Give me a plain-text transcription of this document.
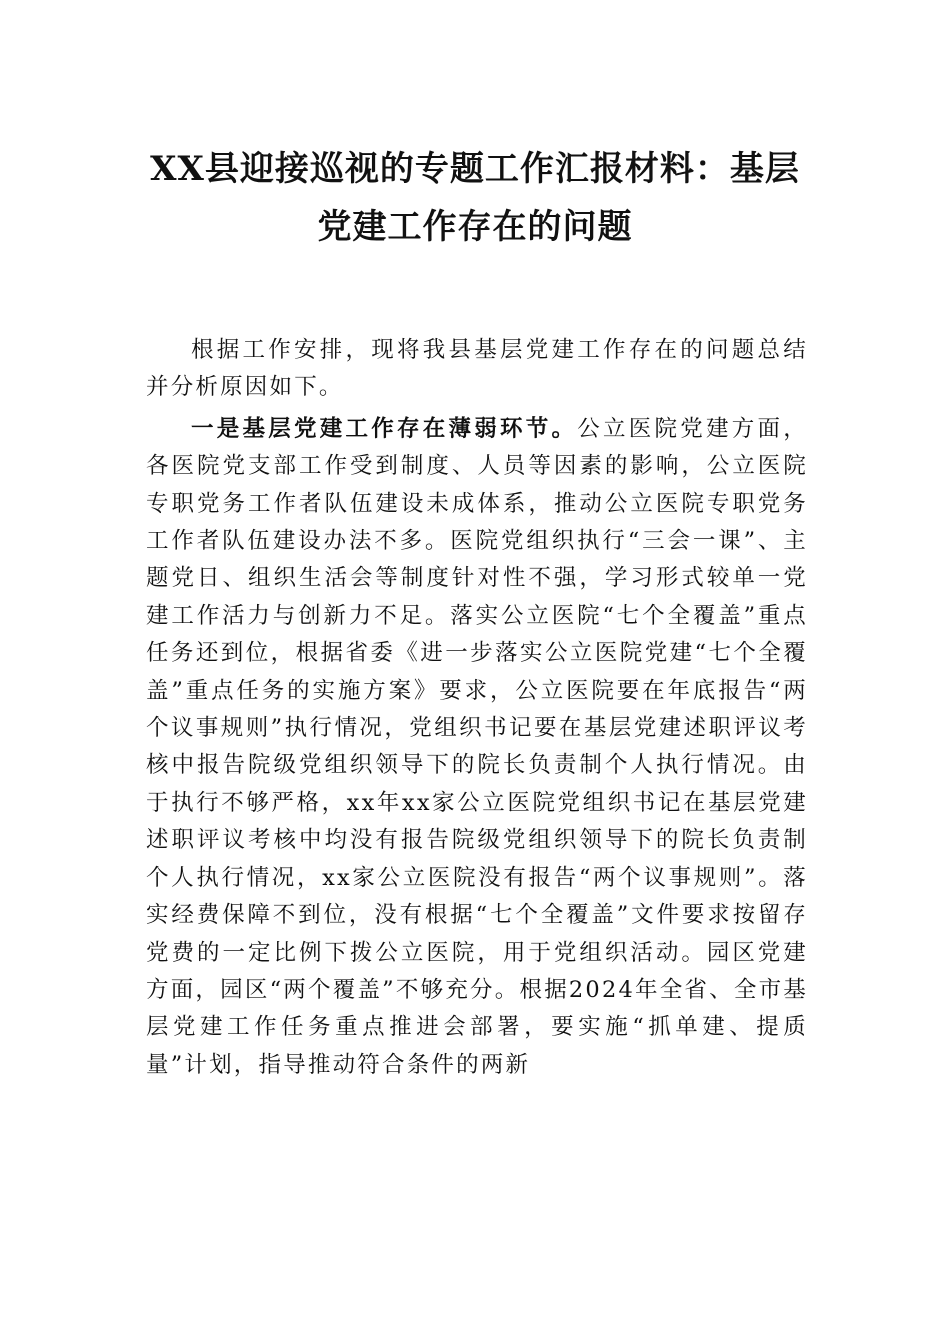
XX县迎接巡视的专题工作汇报材料：基层
党建工作存在的问题

根据工作安排，现将我县基层党建工作存在的问题总结并分析原因如下。

一是基层党建工作存在薄弱环节。公立医院党建方面，各医院党支部工作受到制度、人员等因素的影响，公立医院专职党务工作者队伍建设未成体系，推动公立医院专职党务工作者队伍建设办法不多。医院党组织执行“三会一课”、主题党日、组织生活会等制度针对性不强，学习形式较单一党建工作活力与创新力不足。落实公立医院“七个全覆盖”重点任务还到位，根据省委《进一步落实公立医院党建“七个全覆盖”重点任务的实施方案》要求，公立医院要在年底报告“两个议事规则”执行情况，党组织书记要在基层党建述职评议考核中报告院级党组织领导下的院长负责制个人执行情况。由于执行不够严格，xx年xx家公立医院党组织书记在基层党建述职评议考核中均没有报告院级党组织领导下的院长负责制个人执行情况，xx家公立医院没有报告“两个议事规则”。落实经费保障不到位，没有根据“七个全覆盖”文件要求按留存党费的一定比例下拨公立医院，用于党组织活动。园区党建方面，园区“两个覆盖”不够充分。根据2024年全省、全市基层党建工作任务重点推进会部署，要实施“抓单建、提质量”计划，指导推动符合条件的两新
